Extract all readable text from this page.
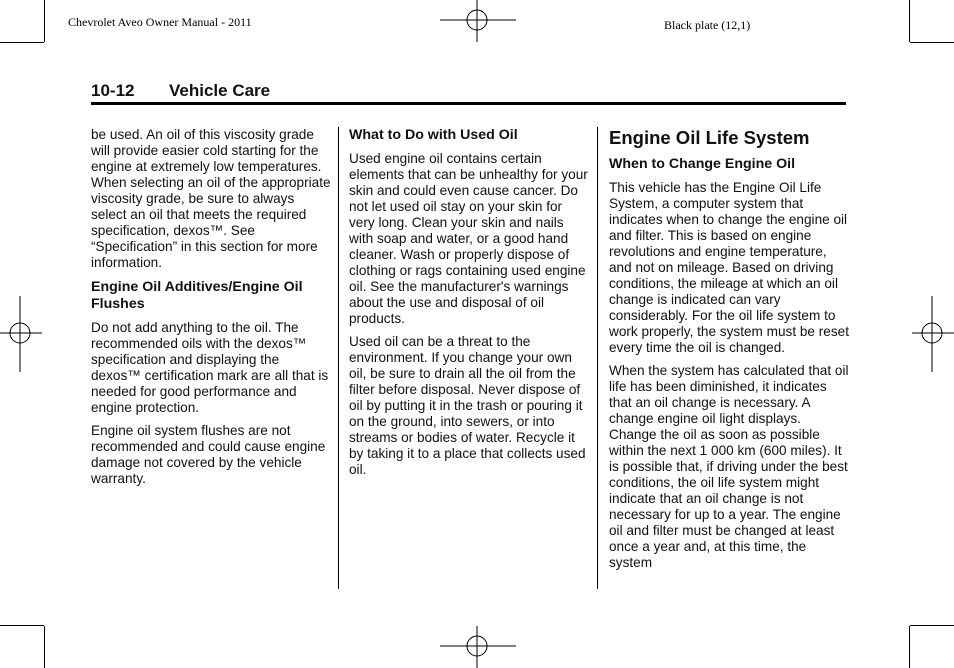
Chevrolet Aveo Owner Manual - 2011	Black plate (12,1)
10-12 Vehicle Care

be used. An oil of this viscosity grade will provide easier cold starting for the engine at extremely low temperatures. When selecting an oil of the appropriate viscosity grade, be sure to always select an oil that meets the required specification, dexos™. See “Specification” in this section for more information.

Engine Oil Additives/Engine Oil Flushes

Do not add anything to the oil. The recommended oils with the dexos™ specification and displaying the dexos™ certification mark are all that is needed for good performance and engine protection.

Engine oil system flushes are not recommended and could cause engine damage not covered by the vehicle warranty.

What to Do with Used Oil

Used engine oil contains certain elements that can be unhealthy for your skin and could even cause cancer. Do not let used oil stay on your skin for very long. Clean your skin and nails with soap and water, or a good hand cleaner. Wash or properly dispose of clothing or rags containing used engine oil. See the manufacturer's warnings about the use and disposal of oil products.

Used oil can be a threat to the environment. If you change your own oil, be sure to drain all the oil from the filter before disposal. Never dispose of oil by putting it in the trash or pouring it on the ground, into sewers, or into streams or bodies of water. Recycle it by taking it to a place that collects used oil.

Engine Oil Life System
When to Change Engine Oil

This vehicle has the Engine Oil Life System, a computer system that indicates when to change the engine oil and filter. This is based on engine revolutions and engine temperature, and not on mileage. Based on driving conditions, the mileage at which an oil change is indicated can vary considerably. For the oil life system to work properly, the system must be reset every time the oil is changed.

When the system has calculated that oil life has been diminished, it indicates that an oil change is necessary. A change engine oil light displays. Change the oil as soon as possible within the next 1 000 km (600 miles). It is possible that, if driving under the best conditions, the oil life system might indicate that an oil change is not necessary for up to a year. The engine oil and filter must be changed at least once a year and, at this time, the system
